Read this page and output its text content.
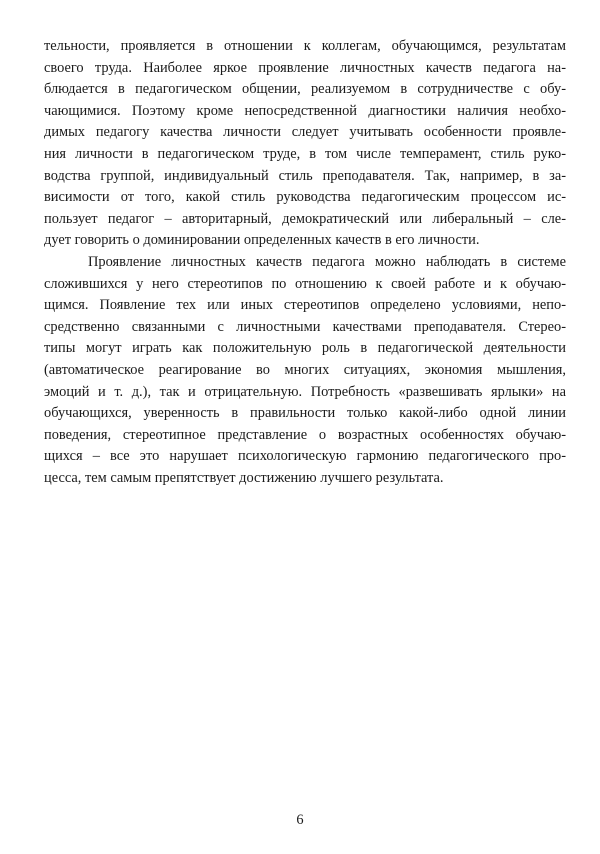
тельности, проявляется в отношении к коллегам, обучающимся, результатам
своего труда. Наиболее яркое проявление личностных качеств педагога на-
блюдается в педагогическом общении, реализуемом в сотрудничестве с обу-
чающимися. Поэтому кроме непосредственной диагностики наличия необхо-
димых педагогу качества личности следует учитывать особенности проявле-
ния личности в педагогическом труде, в том числе темперамент, стиль руко-
водства группой, индивидуальный стиль преподавателя. Так, например, в за-
висимости от того, какой стиль руководства педагогическим процессом ис-
пользует педагог – авторитарный, демократический или либеральный – сле-
дует говорить о доминировании определенных качеств в его личности.
Проявление личностных качеств педагога можно наблюдать в системе
сложившихся у него стереотипов по отношению к своей работе и к обучаю-
щимся. Появление тех или иных стереотипов определено условиями, непо-
средственно связанными с личностными качествами преподавателя. Стерео-
типы могут играть как положительную роль в педагогической деятельности
(автоматическое реагирование во многих ситуациях, экономия мышления,
эмоций и т. д.), так и отрицательную. Потребность «развешивать ярлыки» на
обучающихся, уверенность в правильности только какой-либо одной линии
поведения, стереотипное представление о возрастных особенностях обучаю-
щихся – все это нарушает психологическую гармонию педагогического про-
цесса, тем самым препятствует достижению лучшего результата.
6
